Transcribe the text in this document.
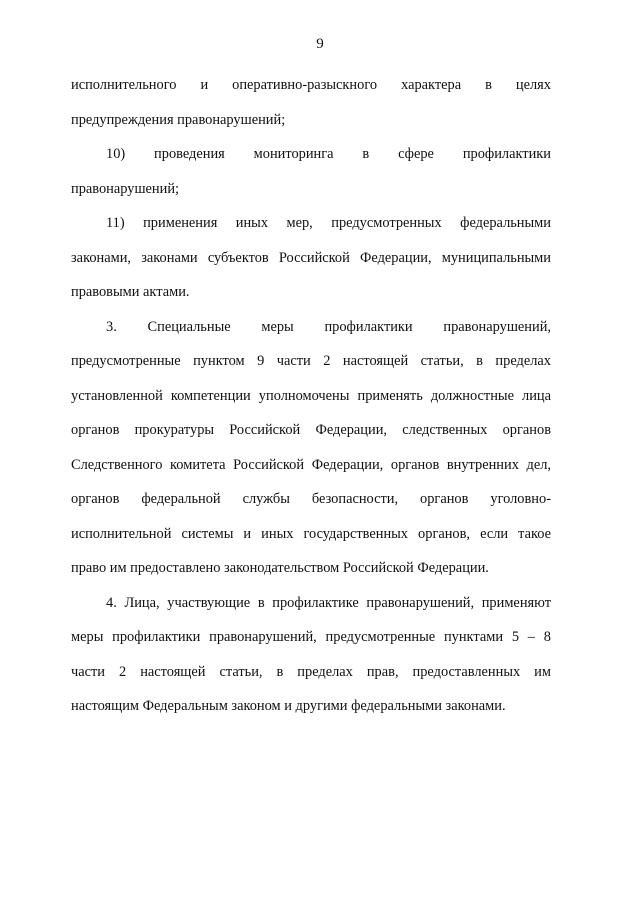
9
исполнительного и оперативно-разыскного характера в целях
предупреждения правонарушений;
10) проведения мониторинга в сфере профилактики
правонарушений;
11) применения иных мер, предусмотренных федеральными
законами, законами субъектов Российской Федерации, муниципальными
правовыми актами.
3. Специальные меры профилактики правонарушений,
предусмотренные пунктом 9 части 2 настоящей статьи, в пределах
установленной компетенции уполномочены применять должностные лица
органов прокуратуры Российской Федерации, следственных органов
Следственного комитета Российской Федерации, органов внутренних дел,
органов федеральной службы безопасности, органов уголовно-
исполнительной системы и иных государственных органов, если такое
право им предоставлено законодательством Российской Федерации.
4. Лица, участвующие в профилактике правонарушений, применяют
меры профилактики правонарушений, предусмотренные пунктами 5 – 8
части 2 настоящей статьи, в пределах прав, предоставленных им
настоящим Федеральным законом и другими федеральными законами.
